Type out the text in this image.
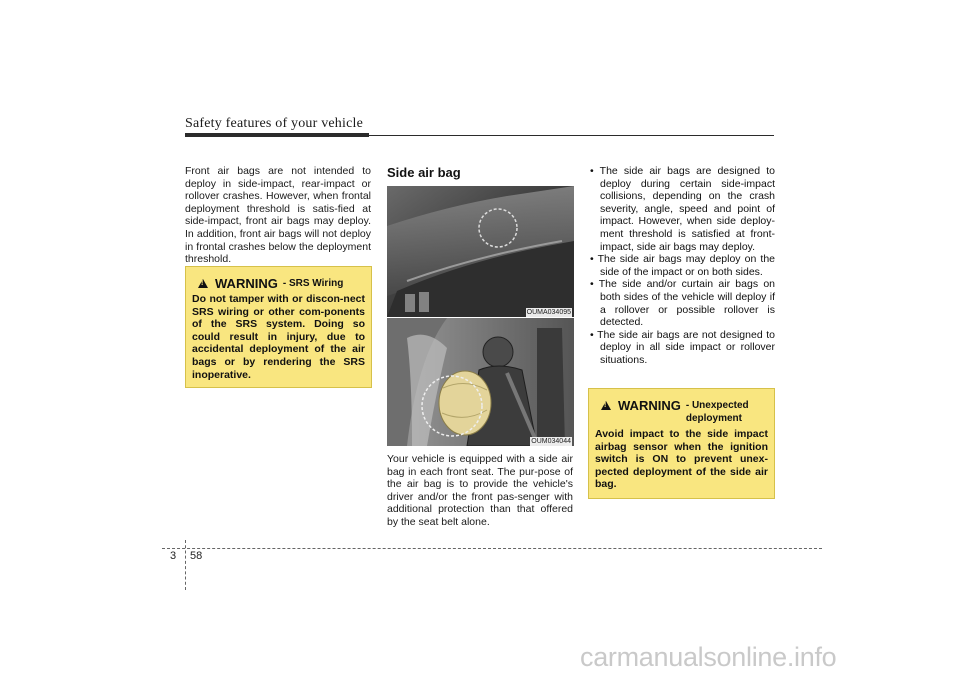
Safety features of your vehicle
Front air bags are not intended to deploy in side-impact, rear-impact or rollover crashes. However, when frontal deployment threshold is satis-fied at side-impact, front air bags may deploy. In addition, front air bags will not deploy in frontal crashes below the deployment threshold.
!
WARNING - SRS Wiring
Do not tamper with or discon-nect SRS wiring or other com-ponents of the SRS system. Doing so could result in injury, due to accidental deployment of the air bags or by rendering the SRS inoperative.
Side air bag
OUMA034095
OUM034044
Your vehicle is equipped with a side air bag in each front seat. The pur-pose of the air bag is to provide the vehicle's driver and/or the front pas-senger with additional protection than that offered by the seat belt alone.
• The side air bags are designed to deploy during certain side-impact collisions, depending on the crash severity, angle, speed and point of impact. However, when side deploy-ment threshold is satisfied at front-impact, side air bags may deploy.
• The side air bags may deploy on the side of the impact or on both sides.
• The side and/or curtain air bags on both sides of the vehicle will deploy if a rollover or possible rollover is detected.
• The side air bags are not designed to deploy in all side impact or rollover situations.
!
WARNING - Unexpected deployment
Avoid impact to the side impact airbag sensor when the ignition switch is ON to prevent unex-pected deployment of the side air bag.
3 58
carmanualsonline.info
